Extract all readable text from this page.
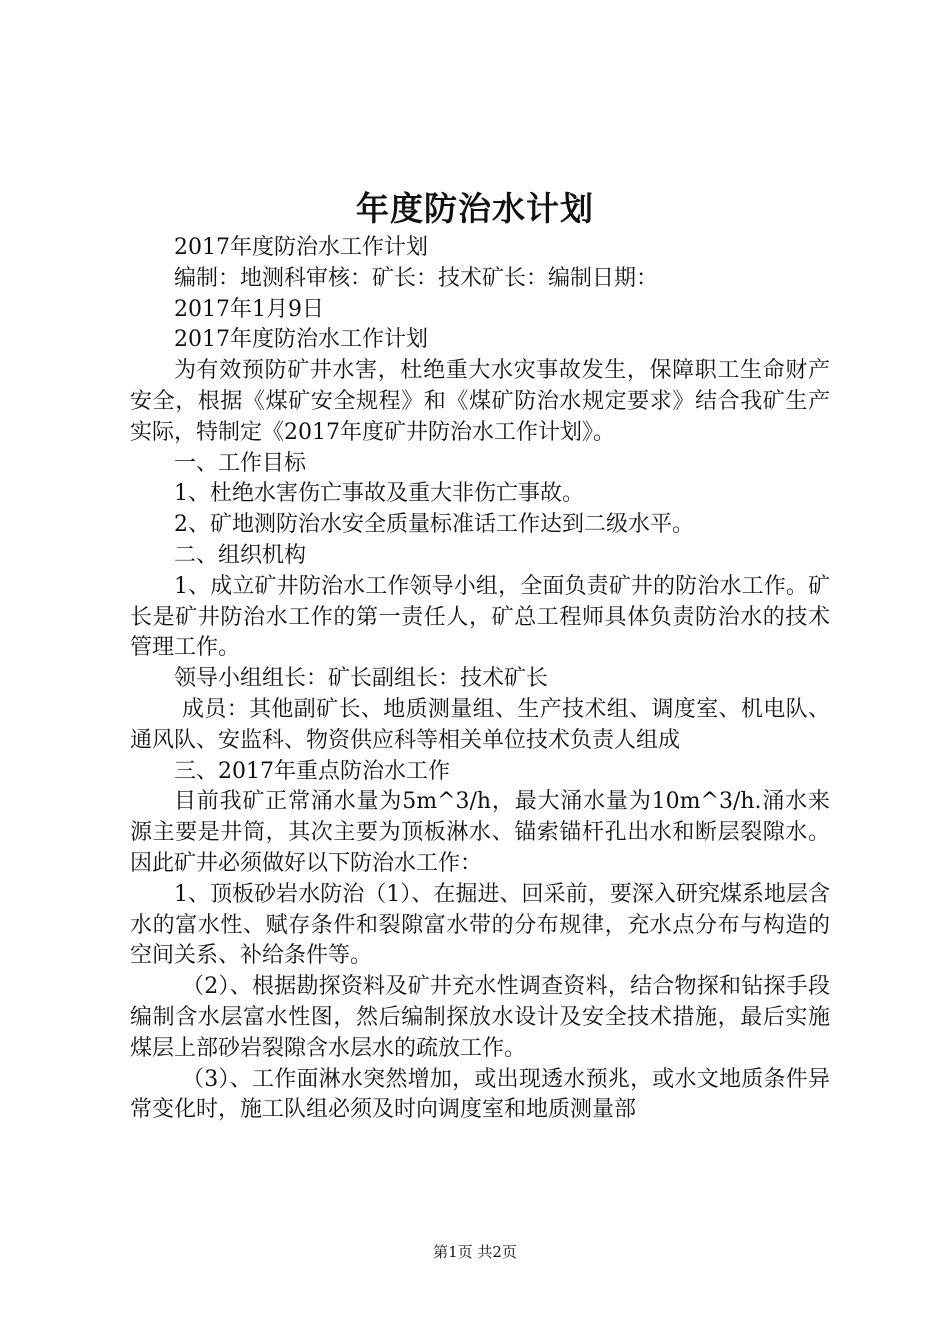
年度防治水计划

2017年度防治水工作计划

编制：地测科审核：矿长：技术矿长：编制日期：

2017年1月9日

2017年度防治水工作计划

为有效预防矿井水害，杜绝重大水灾事故发生，保障职工生命财产安全，根据《煤矿安全规程》和《煤矿防治水规定要求》结合我矿生产实际，特制定《2017年度矿井防治水工作计划》。

一、工作目标

1、杜绝水害伤亡事故及重大非伤亡事故。

2、矿地测防治水安全质量标准话工作达到二级水平。

二、组织机构

1、成立矿井防治水工作领导小组，全面负责矿井的防治水工作。矿长是矿井防治水工作的第一责任人，矿总工程师具体负责防治水的技术管理工作。

领导小组组长：矿长副组长：技术矿长

成员：其他副矿长、地质测量组、生产技术组、调度室、机电队、通风队、安监科、物资供应科等相关单位技术负责人组成

三、2017年重点防治水工作

目前我矿正常涌水量为5m^3/h，最大涌水量为10m^3/h.涌水来源主要是井筒，其次主要为顶板淋水、锚索锚杆孔出水和断层裂隙水。因此矿井必须做好以下防治水工作：

1、顶板砂岩水防治（1）、在掘进、回采前，要深入研究煤系地层含水的富水性、赋存条件和裂隙富水带的分布规律，充水点分布与构造的空间关系、补给条件等。

（2）、根据勘探资料及矿井充水性调查资料，结合物探和钻探手段编制含水层富水性图，然后编制探放水设计及安全技术措施，最后实施煤层上部砂岩裂隙含水层水的疏放工作。

（3）、工作面淋水突然增加，或出现透水预兆，或水文地质条件异常变化时，施工队组必须及时向调度室和地质测量部

第1页 共2页
